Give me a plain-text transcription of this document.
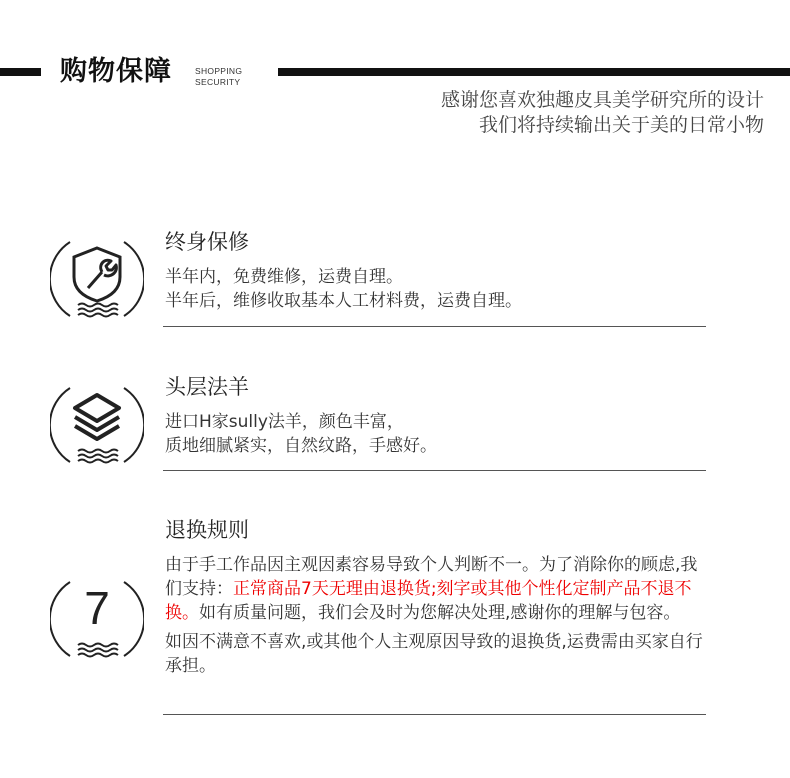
购物保障	SHOPPING
SECURITY
感谢您喜欢独趣皮具美学研究所的设计
我们将持续输出关于美的日常小物
终身保修

半年内，免费维修，运费自理。

半年后，维修收取基本人工材料费，运费自理。

头层法羊

进口H家sully法羊，颜色丰富，

质地细腻紧实，自然纹路，手感好。

7
退换规则

由于手工作品因主观因素容易导致个人判断不一。为了消除你的顾虑,我们支持：正常商品7天无理由退换货;刻字或其他个性化定制产品不退不换。如有质量问题，我们会及时为您解决处理,感谢你的理解与包容。

如因不满意不喜欢,或其他个人主观原因导致的退换货,运费需由买家自行承担。
